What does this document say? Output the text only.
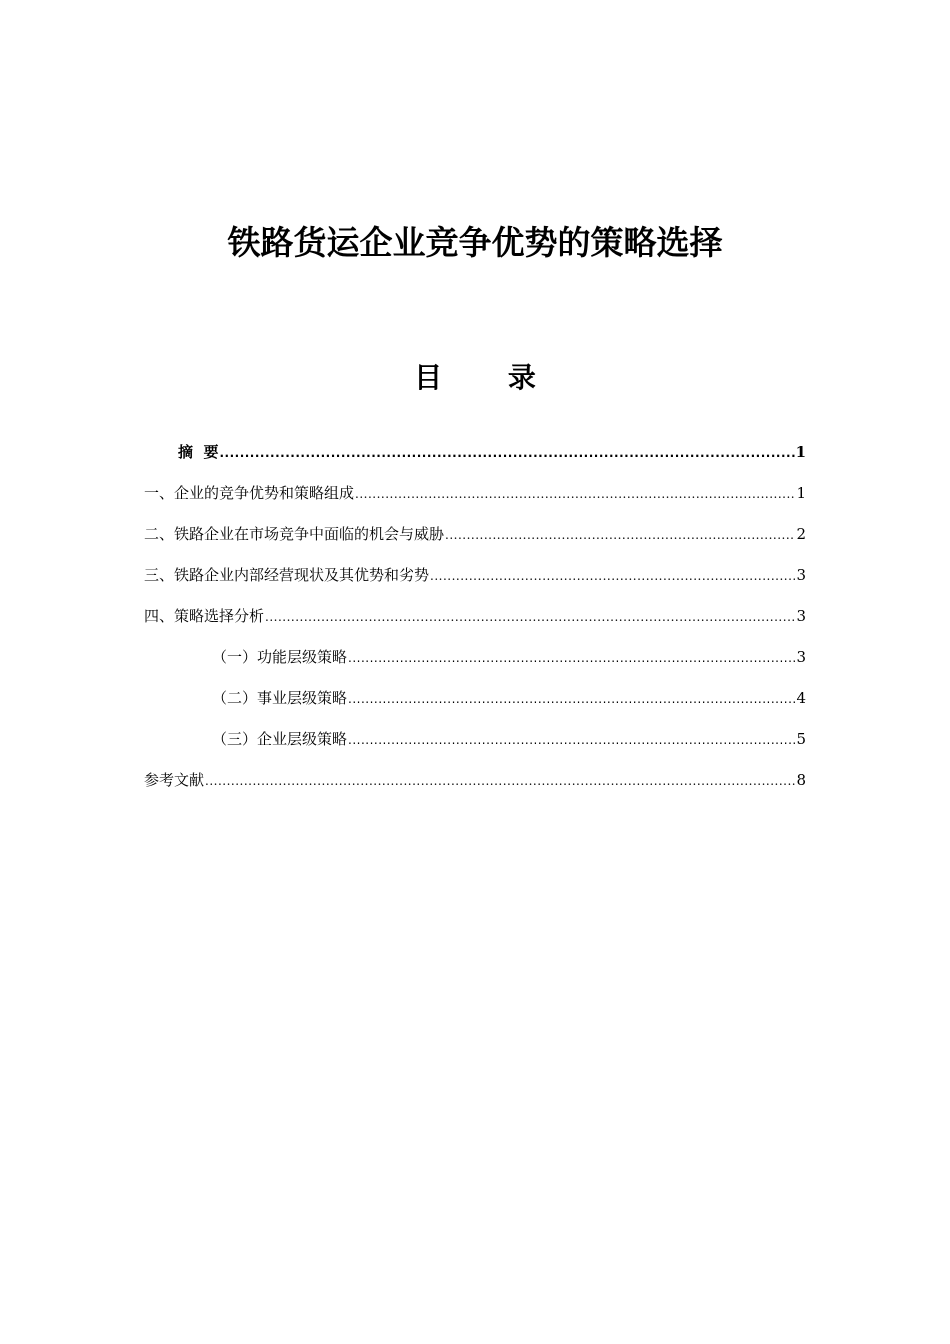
铁路货运企业竞争优势的策略选择
目 录
摘  要 .....	1
一、企业的竞争优势和策略组成 .....	1
二、铁路企业在市场竞争中面临的机会与威胁 .....	2
三、铁路企业内部经营现状及其优势和劣势 .....	3
四、策略选择分析 .....	3
（一）功能层级策略 .....	3
（二）事业层级策略 .....	4
（三）企业层级策略 .....	5
参考文献 .....	8
